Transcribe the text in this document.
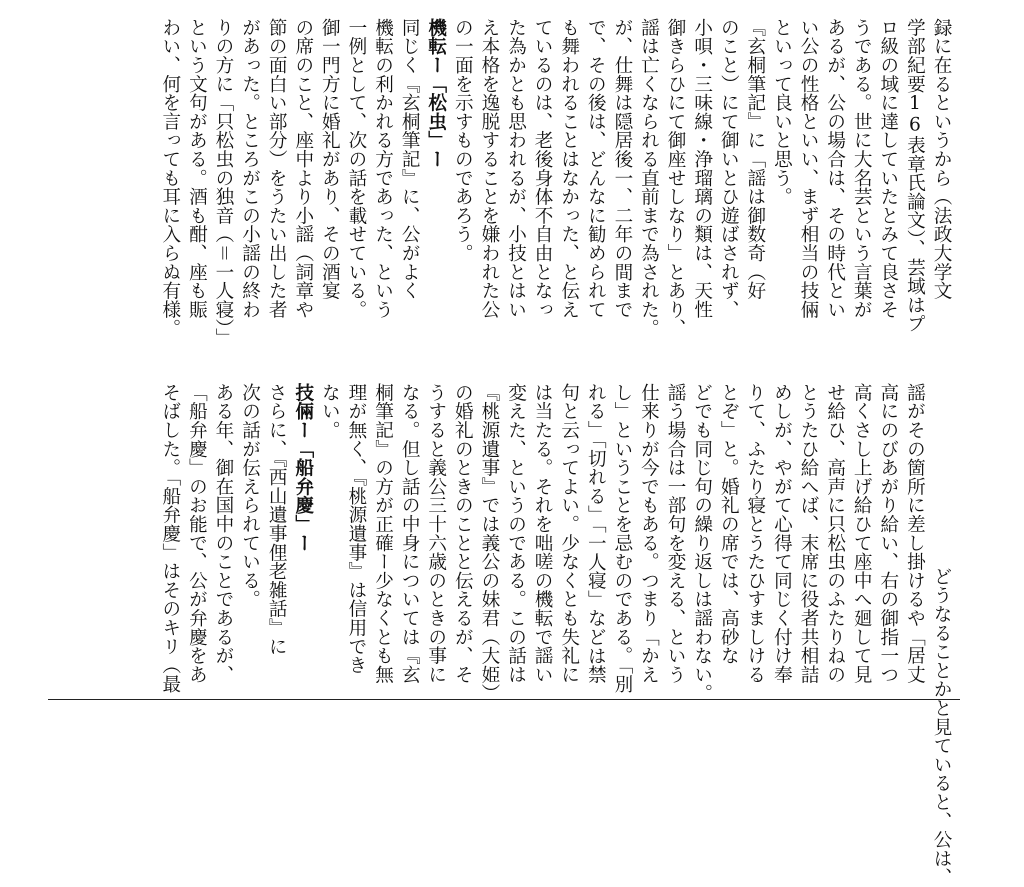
録に在るというから（法政大学文

学部紀要16表章氏論文）、芸域はプ

ロ級の域に達していたとみて良さそ

うである。世に大名芸という言葉が

あるが、公の場合は、その時代とい

い公の性格といい、まず相当の技倆

といって良いと思う。

『玄桐筆記』に「謡は御数奇（好

のこと）にて御いとひ遊ばされず、

小唄・三味線・浄瑠璃の類は、天性

御きらひにて御座せしなり」とあり、

謡は亡くなられる直前まで為された。

が、仕舞は隠居後一、二年の間まで

で、その後は、どんなに勧められて

も舞われることはなかった、と伝え

ているのは、老後身体不自由となっ

た為かとも思われるが、小技とはい

え本格を逸脱することを嫌われた公

の一面を示すものであろう。

機転ー「松虫」ー

同じく『玄桐筆記』に、公がよく

機転の利かれる方であった、という

一例として、次の話を載せている。

御一門方に婚礼があり、その酒宴

の席のこと、座中より小謡（詞章や

節の面白い部分）をうたい出した者

があった。ところがこの小謡の終わ

りの方に「只松虫の独音（＝一人寝）」

という文句がある。酒も酣、座も賑

わい、何を言っても耳に入らぬ有様。

どうなることかと見ていると、公は、

謡がその箇所に差し掛けるや「居丈

高にのびあがり給い、右の御指一つ

高くさし上げ給ひて座中へ廻して見

せ給ひ、高声に只松虫のふたりねの

とうたひ給へば、末席に役者共相詰

めしが、やがて心得て同じく付け奉

りて、ふたり寝とうたひすましける

とぞ」と。婚礼の席では、高砂な

どでも同じ句の繰り返しは謡わない。

謡う場合は一部句を変える、という

仕来りが今でもある。つまり「かえ

し」ということを忌むのである。「別

れる」「切れる」「一人寝」などは禁

句と云ってよい。少なくとも失礼に

は当たる。それを咄嗟の機転で謡い

変えた、というのである。この話は

『桃源遺事』では義公の妹君（大姫）

の婚礼のときのことと伝えるが、そ

うすると義公三十六歳のときの事に

なる。但し話の中身については『玄

桐筆記』の方が正確ー少なくとも無

理が無く、『桃源遺事』は信用でき

ない。

技倆ー「船弁慶」ー

さらに、『西山遺事俚老雑話』に

次の話が伝えられている。

ある年、御在国中のことであるが、

「船弁慶」のお能で、公が弁慶をあ

そばした。「船弁慶」はそのキリ（最
